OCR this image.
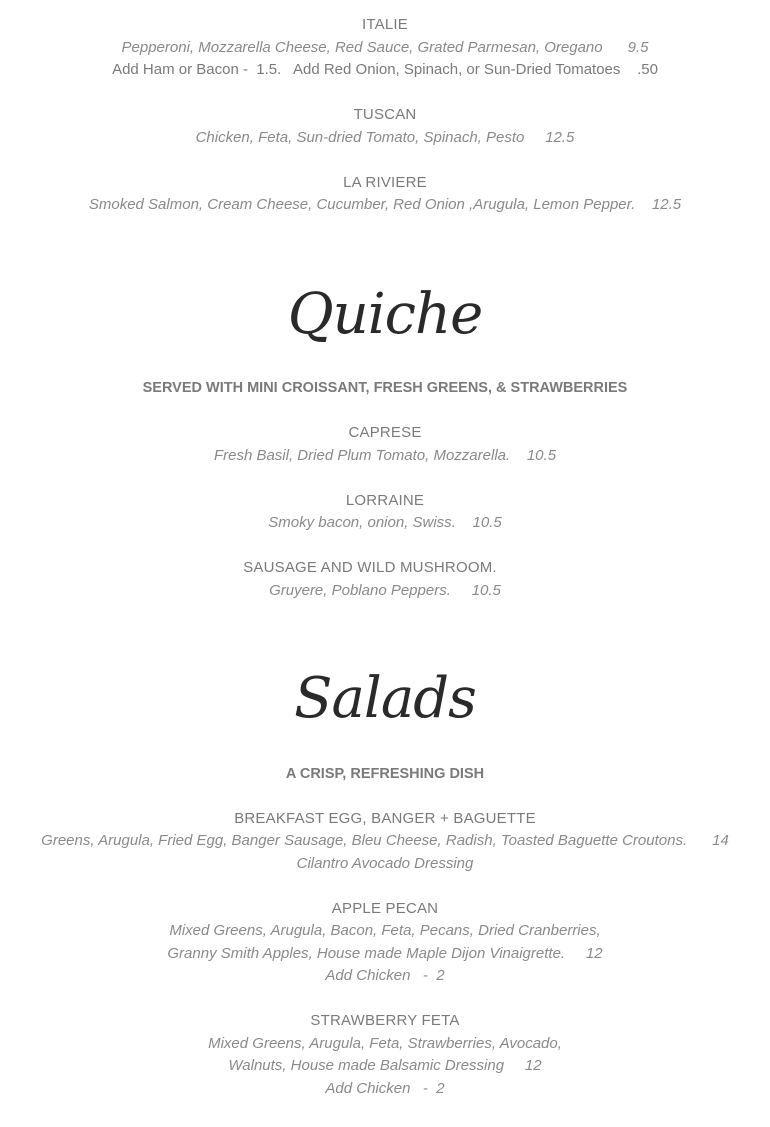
ITALIE
Pepperoni, Mozzarella Cheese, Red Sauce, Grated Parmesan, Oregano      9.5
Add Ham or Bacon -  1.5.   Add Red Onion, Spinach, or Sun-Dried Tomatoes    .50
TUSCAN
Chicken, Feta, Sun-dried Tomato, Spinach, Pesto     12.5
LA RIVIERE
Smoked Salmon, Cream Cheese, Cucumber, Red Onion ,Arugula, Lemon Pepper.    12.5
Quiche
SERVED WITH MINI CROISSANT, FRESH GREENS, & STRAWBERRIES
CAPRESE
Fresh Basil, Dried Plum Tomato, Mozzarella.    10.5
LORRAINE
Smoky bacon, onion, Swiss.    10.5
SAUSAGE AND WILD MUSHROOM.
Gruyere, Poblano Peppers.     10.5
Salads
A CRISP, REFRESHING DISH
BREAKFAST EGG, BANGER + BAGUETTE
Greens, Arugula, Fried Egg, Banger Sausage, Bleu Cheese, Radish, Toasted Baguette Croutons.      14
Cilantro Avocado Dressing
APPLE PECAN
Mixed Greens, Arugula, Bacon, Feta, Pecans, Dried Cranberries,
Granny Smith Apples, House made Maple Dijon Vinaigrette.     12
Add Chicken   -  2
STRAWBERRY FETA
Mixed Greens, Arugula, Feta, Strawberries, Avocado,
Walnuts, House made Balsamic Dressing     12
Add Chicken   -  2
